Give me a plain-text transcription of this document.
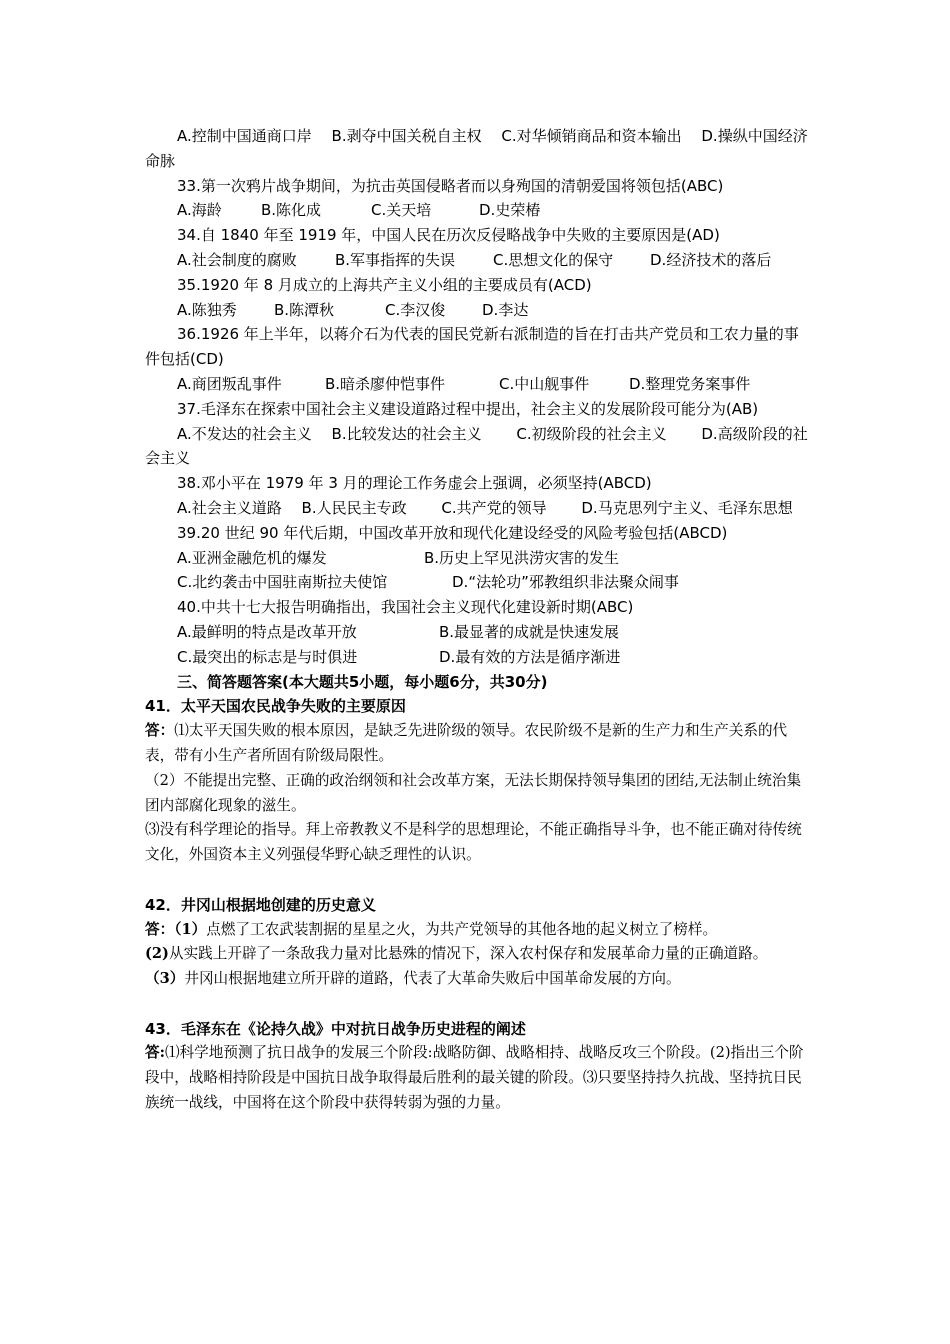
A.控制中国通商口岸　 B.剥夺中国关税自主权　 C.对华倾销商品和资本输出　 D.操纵中国经济命脉
33.第一次鸦片战争期间，为抗击英国侵略者而以身殉国的清朝爱国将领包括(ABC)
A.海龄	B.陈化成	C.关天培	D.史荣椿
34.自 1840 年至 1919 年，中国人民在历次反侵略战争中失败的主要原因是(AD)
A.社会制度的腐败	B.军事指挥的失误	C.思想文化的保守	D.经济技术的落后
35.1920 年 8 月成立的上海共产主义小组的主要成员有(ACD)
A.陈独秀	B.陈潭秋	C.李汉俊	D.李达
36.1926 年上半年，以蒋介石为代表的国民党新右派制造的旨在打击共产党员和工农力量的事件包括(CD)
A.商团叛乱事件	B.暗杀廖仲恺事件	C.中山舰事件	D.整理党务案事件
37.毛泽东在探索中国社会主义建设道路过程中提出，社会主义的发展阶段可能分为(AB)
A.不发达的社会主义　 B.比较发达的社会主义　　 C.初级阶段的社会主义　　 D.高级阶段的社会主义
38.邓小平在 1979 年 3 月的理论工作务虚会上强调，必须坚持(ABCD)
A.社会主义道路　 B.人民民主专政　　 C.共产党的领导　　 D.马克思列宁主义、毛泽东思想
39.20 世纪 90 年代后期，中国改革开放和现代化建设经受的风险考验包括(ABCD)
A.亚洲金融危机的爆发	B.历史上罕见洪涝灾害的发生
C.北约袭击中国驻南斯拉夫使馆	D.“法轮功”邪教组织非法聚众闹事
40.中共十七大报告明确指出，我国社会主义现代化建设新时期(ABC)
A.最鲜明的特点是改革开放	B.最显著的成就是快速发展
C.最突出的标志是与时俱进	D.最有效的方法是循序渐进
三、简答题答案(本大题共5小题，每小题6分，共30分)
41．太平天国农民战争失败的主要原因
答：⑴太平天国失败的根本原因，是缺乏先进阶级的领导。农民阶级不是新的生产力和生产关系的代表，带有小生产者所固有阶级局限性。
（2）不能提出完整、正确的政治纲领和社会改革方案，无法长期保持领导集团的团结,无法制止统治集团内部腐化现象的滋生。
⑶没有科学理论的指导。拜上帝教教义不是科学的思想理论，不能正确指导斗争，也不能正确对待传统文化，外国资本主义列强侵华野心缺乏理性的认识。
42．井冈山根据地创建的历史意义
答：（1）点燃了工农武装割据的星星之火，为共产党领导的其他各地的起义树立了榜样。
(2)从实践上开辟了一条敌我力量对比悬殊的情况下，深入农村保存和发展革命力量的正确道路。
（3）井冈山根据地建立所开辟的道路，代表了大革命失败后中国革命发展的方向。
43．毛泽东在《论持久战》中对抗日战争历史进程的阐述
答:⑴科学地预测了抗日战争的发展三个阶段:战略防御、战略相持、战略反攻三个阶段。(2)指出三个阶段中，战略相持阶段是中国抗日战争取得最后胜利的最关键的阶段。⑶只要坚持持久抗战、坚持抗日民族统一战线，中国将在这个阶段中获得转弱为强的力量。
